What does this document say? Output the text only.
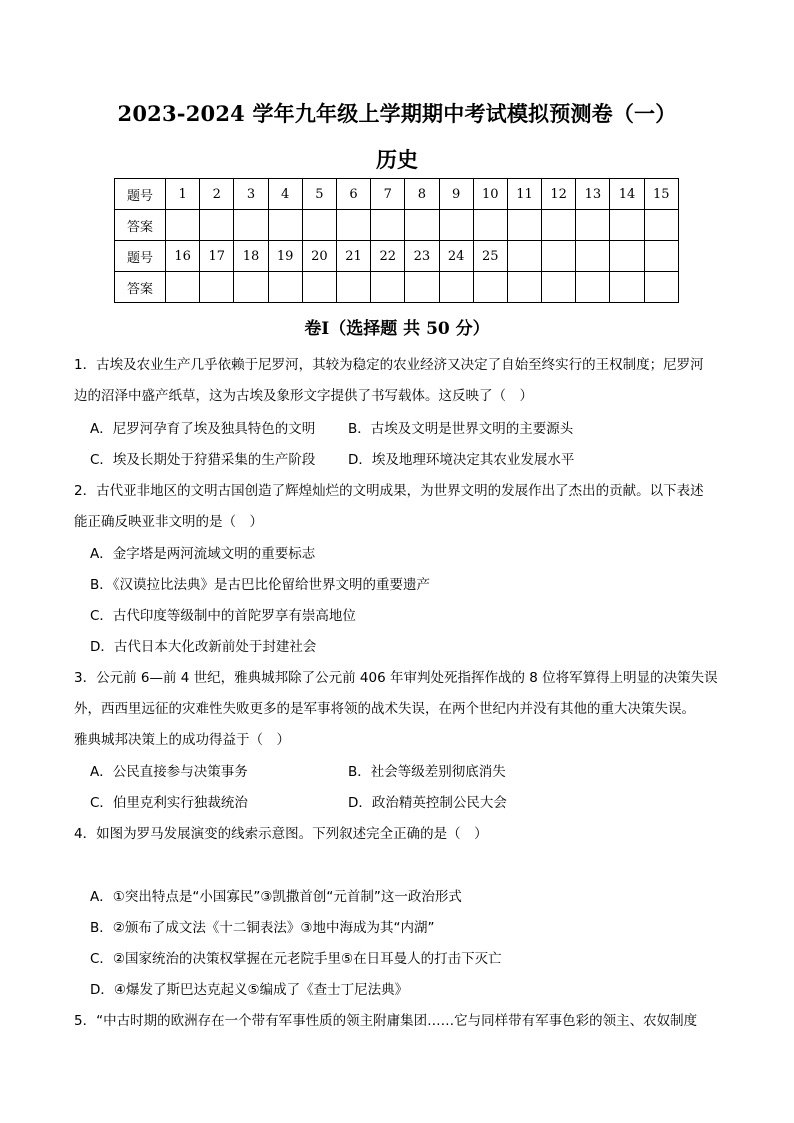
2023-2024 学年九年级上学期期中考试模拟预测卷（一）
历史
题号	1	2	3	4	5	6	7	8	9	10	11	12	13	14	15
答案															
题号	16	17	18	19	20	21	22	23	24	25					
答案															
卷Ⅰ（选择题 共 50 分）
1．古埃及农业生产几乎依赖于尼罗河，其较为稳定的农业经济又决定了自始至终实行的王权制度；尼罗河
边的沼泽中盛产纸草，这为古埃及象形文字提供了书写载体。这反映了（　）
A．尼罗河孕育了埃及独具特色的文明 B．古埃及文明是世界文明的主要源头
C．埃及长期处于狩猎采集的生产阶段 D．埃及地理环境决定其农业发展水平
2．古代亚非地区的文明古国创造了辉煌灿烂的文明成果，为世界文明的发展作出了杰出的贡献。以下表述
能正确反映亚非文明的是（　）
A．金字塔是两河流域文明的重要标志
B．《汉谟拉比法典》是古巴比伦留给世界文明的重要遗产
C．古代印度等级制中的首陀罗享有崇高地位
D．古代日本大化改新前处于封建社会
3．公元前 6—前 4 世纪，雅典城邦除了公元前 406 年审判处死指挥作战的 8 位将军算得上明显的决策失误
外，西西里远征的灾难性失败更多的是军事将领的战术失误，在两个世纪内并没有其他的重大决策失误。
雅典城邦决策上的成功得益于（　）
A．公民直接参与决策事务	B．社会等级差别彻底消失
C．伯里克利实行独裁统治	D．政治精英控制公民大会
4．如图为罗马发展演变的线索示意图。下列叙述完全正确的是（　）
A．①突出特点是“小国寡民”③凯撒首创“元首制”这一政治形式
B．②颁布了成文法《十二铜表法》③地中海成为其“内湖”
C．②国家统治的决策权掌握在元老院手里⑤在日耳曼人的打击下灭亡
D．④爆发了斯巴达克起义⑤编成了《查士丁尼法典》
5．“中古时期的欧洲存在一个带有军事性质的领主附庸集团……它与同样带有军事色彩的领主、农奴制度
